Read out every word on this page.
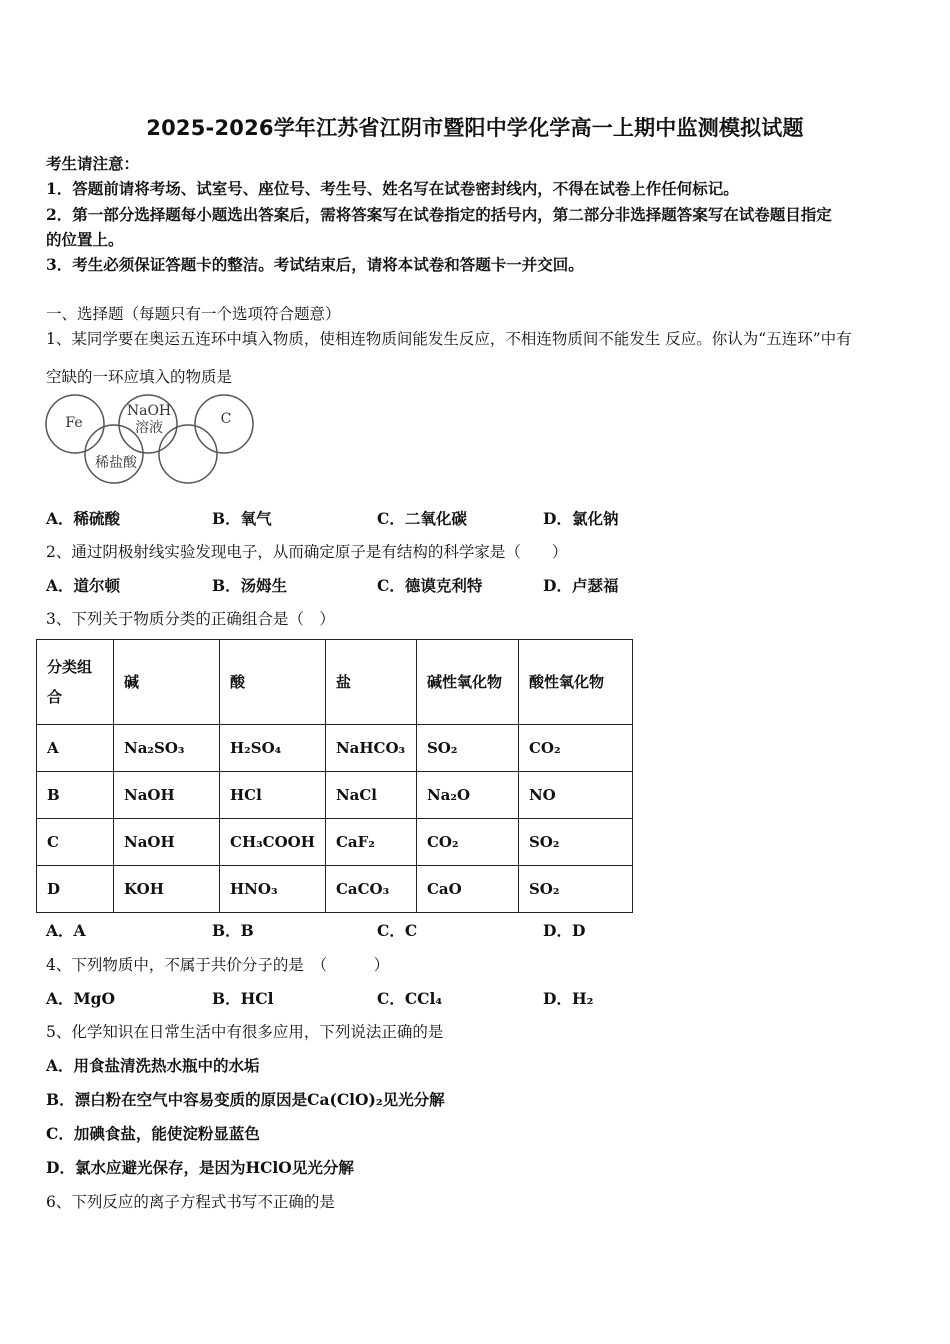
2025-2026学年江苏省江阴市暨阳中学化学高一上期中监测模拟试题
考生请注意：
1．答题前请将考场、试室号、座位号、考生号、姓名写在试卷密封线内，不得在试卷上作任何标记。
2．第一部分选择题每小题选出答案后，需将答案写在试卷指定的括号内，第二部分非选择题答案写在试卷题目指定
的位置上。
3．考生必须保证答题卡的整洁。考试结束后，请将本试卷和答题卡一并交回。
一、选择题（每题只有一个选项符合题意）
1、某同学要在奥运五连环中填入物质，使相连物质间能发生反应，不相连物质间不能发生 反应。你认为“五连环”中有
空缺的一环应填入的物质是
Fe
NaOH
溶液
C
稀盐酸
A．稀硫酸	B．氧气	C．二氧化碳	D．氯化钠
2、通过阴极射线实验发现电子，从而确定原子是有结构的科学家是（　　）
A．道尔顿	B．汤姆生	C．德谟克利特	D．卢瑟福
3、下列关于物质分类的正确组合是（　）
分类组合	碱	酸	盐	碱性氧化物	酸性氧化物
A	Na₂SO₃	H₂SO₄	NaHCO₃	SO₂	CO₂
B	NaOH	HCl	NaCl	Na₂O	NO
C	NaOH	CH₃COOH	CaF₂	CO₂	SO₂
D	KOH	HNO₃	CaCO₃	CaO	SO₂
A．A	B．B	C．C	D．D
4、下列物质中，不属于共价分子的是　（　　　）
A．MgO	B．HCl	C．CCl₄	D．H₂
5、化学知识在日常生活中有很多应用，下列说法正确的是
A．用食盐清洗热水瓶中的水垢
B．漂白粉在空气中容易变质的原因是Ca(ClO)₂见光分解
C．加碘食盐，能使淀粉显蓝色
D．氯水应避光保存，是因为HClO见光分解
6、下列反应的离子方程式书写不正确的是
